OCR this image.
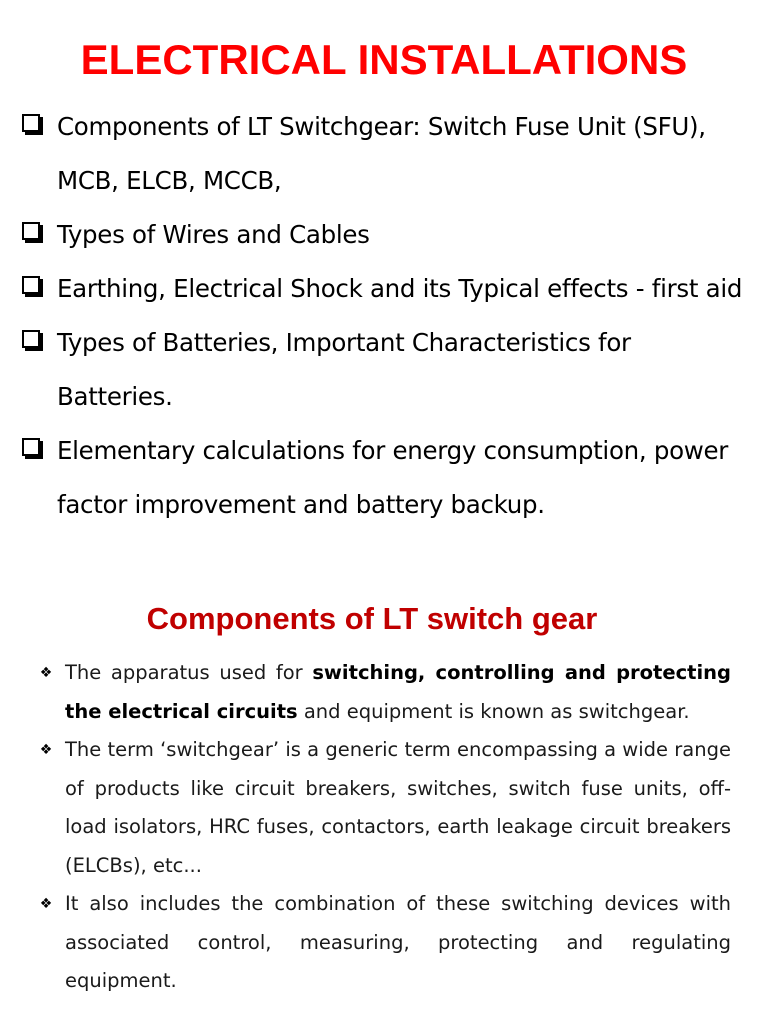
ELECTRICAL INSTALLATIONS
Components of LT Switchgear: Switch Fuse Unit (SFU), MCB, ELCB, MCCB,
Types of Wires and Cables
Earthing, Electrical Shock and its Typical effects - first aid
Types of Batteries, Important Characteristics for Batteries.
Elementary calculations for energy consumption, power factor improvement and battery backup.
Components of LT switch gear
❖ The apparatus used for switching, controlling and protecting the electrical circuits and equipment is known as switchgear.
❖ The term ‘switchgear’ is a generic term encompassing a wide range of products like circuit breakers, switches, switch fuse units, off- load isolators, HRC fuses, contactors, earth leakage circuit breakers (ELCBs), etc...
❖ It also includes the combination of these switching devices with associated control, measuring, protecting and regulating equipment.
